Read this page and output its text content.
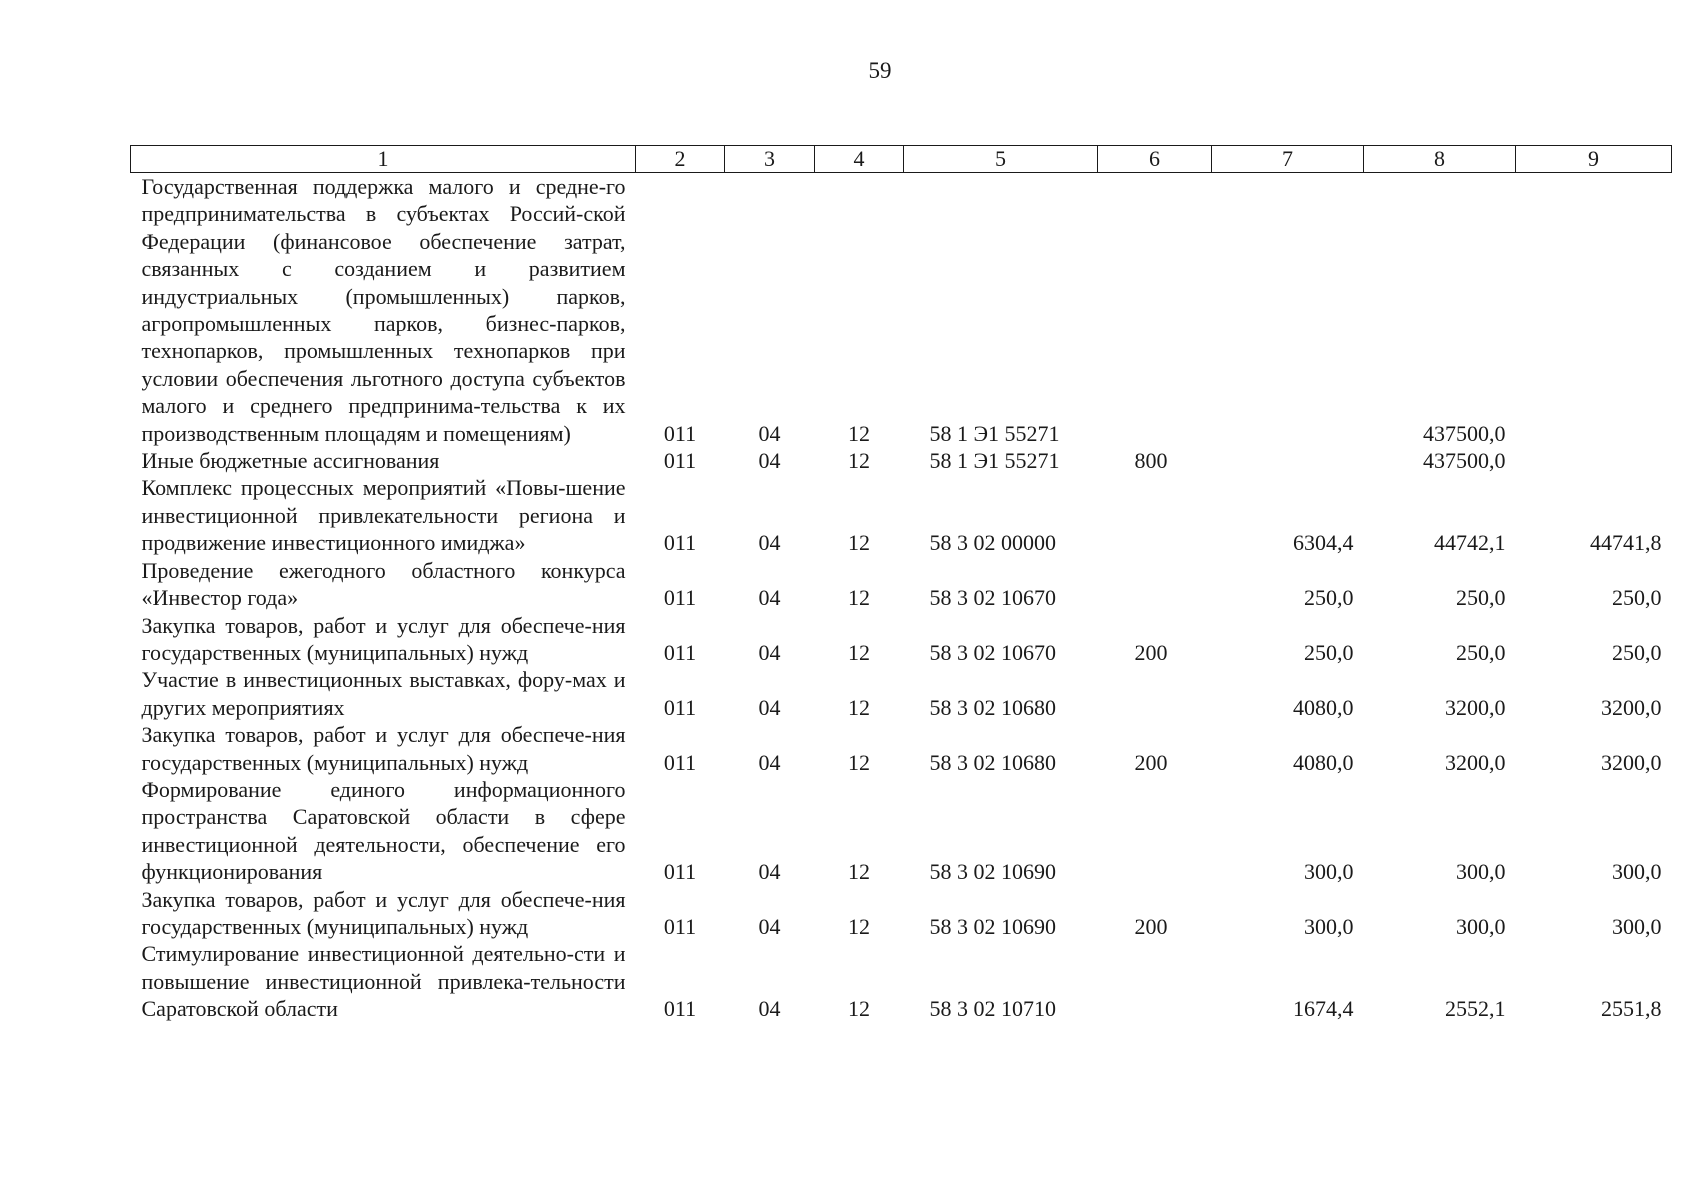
59
1	2	3	4	5	6	7	8	9
Государственная поддержка малого и средне-го предпринимательства в субъектах Россий-ской Федерации (финансовое обеспечение затрат, связанных с созданием и развитием индустриальных (промышленных) парков, агропромышленных парков, бизнес-парков, технопарков, промышленных технопарков при условии обеспечения льготного доступа субъектов малого и среднего предпринима-тельства к их производственным площадям и помещениям)	011	04	12	58 1 Э1 55271			437500,0	
Иные бюджетные ассигнования	011	04	12	58 1 Э1 55271	800		437500,0	
Комплекс процессных мероприятий «Повы-шение инвестиционной привлекательности региона и продвижение инвестиционного имиджа»	011	04	12	58 3 02 00000		6304,4	44742,1	44741,8
Проведение ежегодного областного конкурса «Инвестор года»	011	04	12	58 3 02 10670		250,0	250,0	250,0
Закупка товаров, работ и услуг для обеспече-ния государственных (муниципальных) нужд	011	04	12	58 3 02 10670	200	250,0	250,0	250,0
Участие в инвестиционных выставках, фору-мах и других мероприятиях	011	04	12	58 3 02 10680		4080,0	3200,0	3200,0
Закупка товаров, работ и услуг для обеспече-ния государственных (муниципальных) нужд	011	04	12	58 3 02 10680	200	4080,0	3200,0	3200,0
Формирование единого информационного пространства Саратовской области в сфере инвестиционной деятельности, обеспечение его функционирования	011	04	12	58 3 02 10690		300,0	300,0	300,0
Закупка товаров, работ и услуг для обеспече-ния государственных (муниципальных) нужд	011	04	12	58 3 02 10690	200	300,0	300,0	300,0
Стимулирование инвестиционной деятельно-сти и повышение инвестиционной привлека-тельности Саратовской области	011	04	12	58 3 02 10710		1674,4	2552,1	2551,8
